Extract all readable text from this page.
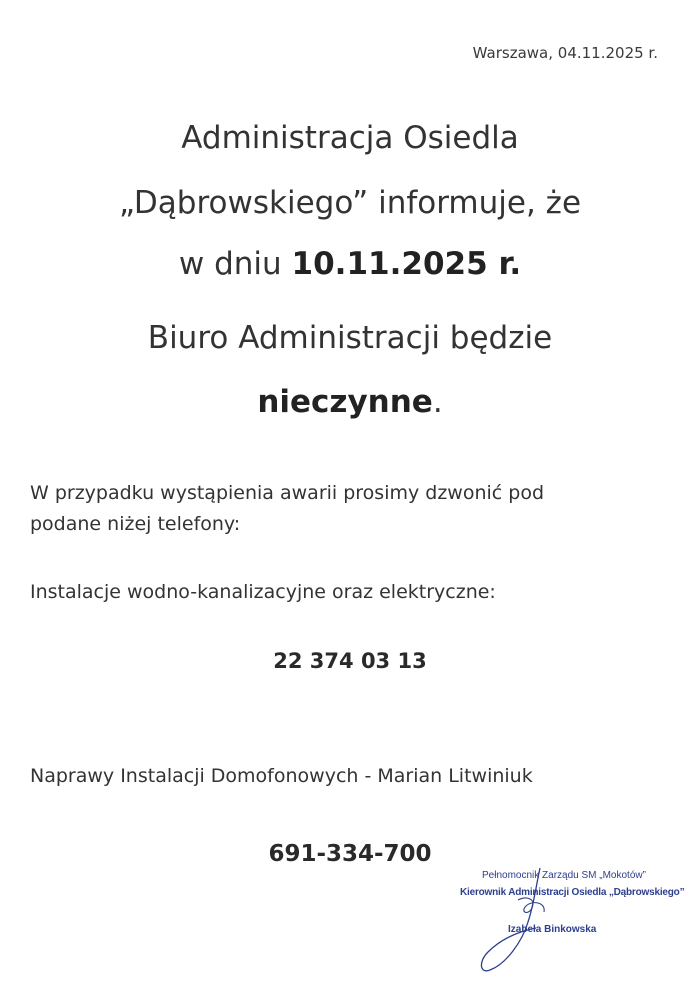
Warszawa, 04.11.2025 r.
Administracja Osiedla
„Dąbrowskiego” informuje, że
w dniu 10.11.2025 r.
Biuro Administracji będzie
nieczynne.
W przypadku wystąpienia awarii prosimy dzwonić pod
podane niżej telefony:
Instalacje wodno-kanalizacyjne oraz elektryczne:
22 374 03 13
Naprawy Instalacji Domofonowych - Marian Litwiniuk
691-334-700
Pełnomocnik Zarządu SM „Mokotów”
Kierownik Administracji Osiedla „Dąbrowskiego”
Izabela Binkowska
